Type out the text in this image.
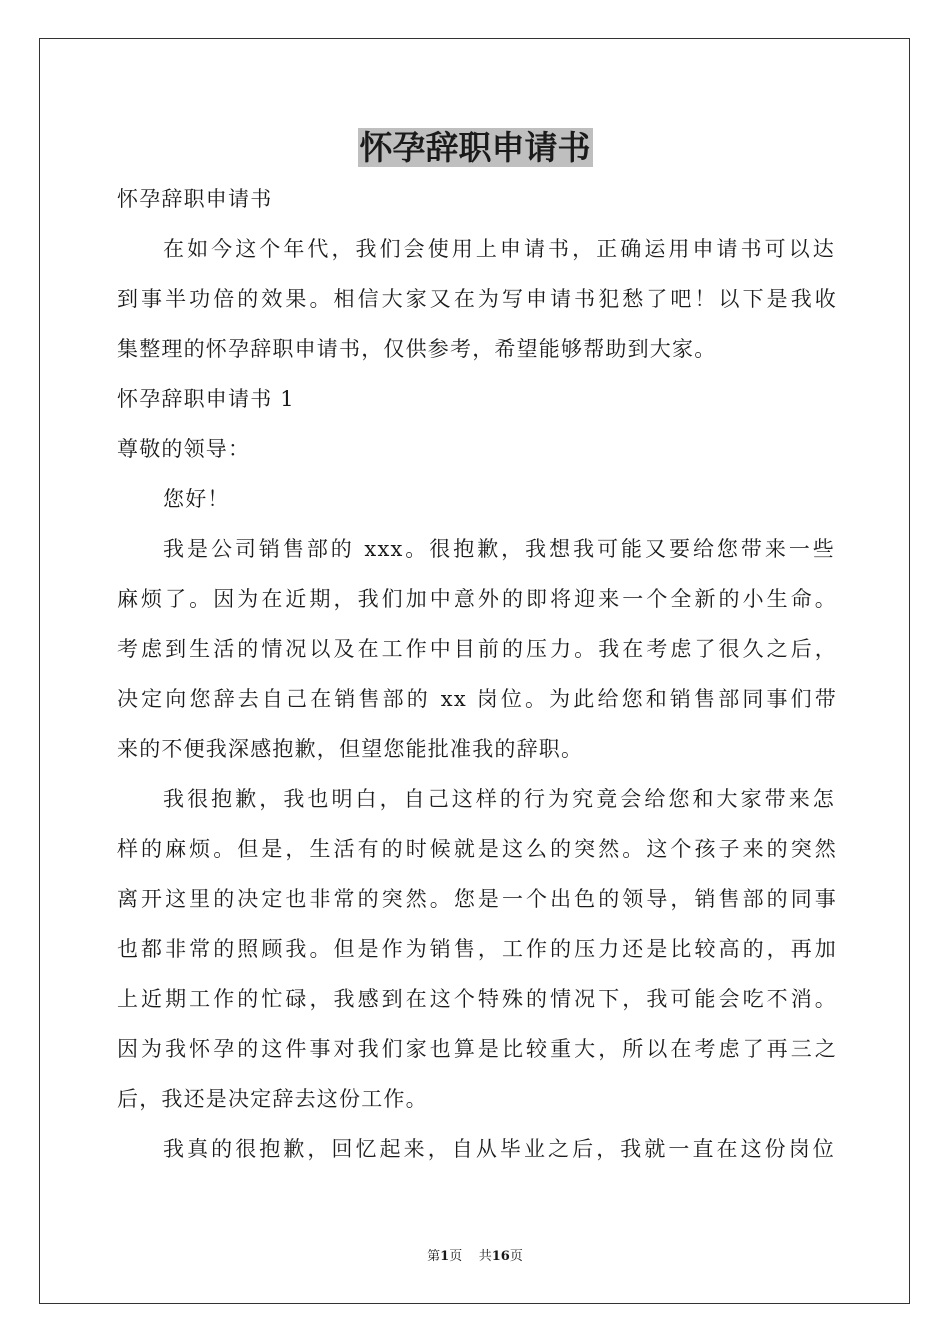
怀孕辞职申请书
怀孕辞职申请书
在如今这个年代，我们会使用上申请书，正确运用申请书可以达
到事半功倍的效果。相信大家又在为写申请书犯愁了吧！以下是我收
集整理的怀孕辞职申请书，仅供参考，希望能够帮助到大家。
怀孕辞职申请书 1
尊敬的领导：
您好！
我是公司销售部的 xxx。很抱歉，我想我可能又要给您带来一些
麻烦了。因为在近期，我们加中意外的即将迎来一个全新的小生命。
考虑到生活的情况以及在工作中目前的压力。我在考虑了很久之后，
决定向您辞去自己在销售部的 xx 岗位。为此给您和销售部同事们带
来的不便我深感抱歉，但望您能批准我的辞职。
我很抱歉，我也明白，自己这样的行为究竟会给您和大家带来怎
样的麻烦。但是，生活有的时候就是这么的突然。这个孩子来的突然
离开这里的决定也非常的突然。您是一个出色的领导，销售部的同事
也都非常的照顾我。但是作为销售，工作的压力还是比较高的，再加
上近期工作的忙碌，我感到在这个特殊的情况下，我可能会吃不消。
因为我怀孕的这件事对我们家也算是比较重大，所以在考虑了再三之
后，我还是决定辞去这份工作。
我真的很抱歉，回忆起来，自从毕业之后，我就一直在这份岗位
第1页 共16页
